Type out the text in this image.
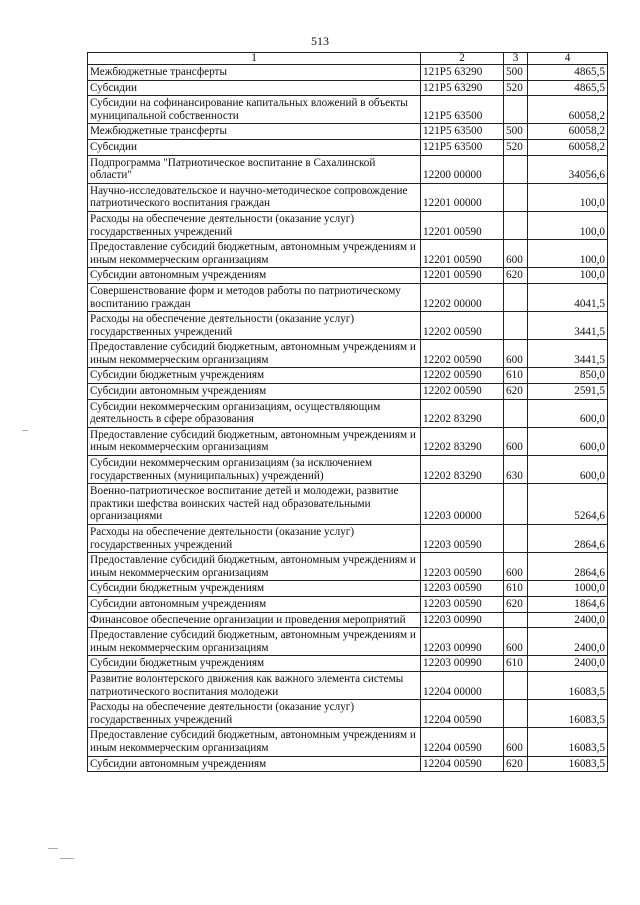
513
1	2	3	4
Межбюджетные трансферты	121P5 63290	500	4865,5
Субсидии	121P5 63290	520	4865,5
Субсидии на софинансирование капитальных вложений в объекты муниципальной собственности	121P5 63500		60058,2
Межбюджетные трансферты	121P5 63500	500	60058,2
Субсидии	121P5 63500	520	60058,2
Подпрограмма "Патриотическое воспитание в Сахалинской области"	12200 00000		34056,6
Научно-исследовательское и научно-методическое сопровождение патриотического воспитания граждан	12201 00000		100,0
Расходы на обеспечение деятельности (оказание услуг) государственных учреждений	12201 00590		100,0
Предоставление субсидий бюджетным, автономным учреждениям и иным некоммерческим организациям	12201 00590	600	100,0
Субсидии автономным учреждениям	12201 00590	620	100,0
Совершенствование форм и методов работы по патриотическому воспитанию граждан	12202 00000		4041,5
Расходы на обеспечение деятельности (оказание услуг) государственных учреждений	12202 00590		3441,5
Предоставление субсидий бюджетным, автономным учреждениям и иным некоммерческим организациям	12202 00590	600	3441,5
Субсидии бюджетным учреждениям	12202 00590	610	850,0
Субсидии автономным учреждениям	12202 00590	620	2591,5
Субсидии некоммерческим организациям, осуществляющим деятельность в сфере образования	12202 83290		600,0
Предоставление субсидий бюджетным, автономным учреждениям и иным некоммерческим организациям	12202 83290	600	600,0
Субсидии некоммерческим организациям (за исключением государственных (муниципальных) учреждений)	12202 83290	630	600,0
Военно-патриотическое воспитание детей и молодежи, развитие практики шефства воинских частей над образовательными организациями	12203 00000		5264,6
Расходы на обеспечение деятельности (оказание услуг) государственных учреждений	12203 00590		2864,6
Предоставление субсидий бюджетным, автономным учреждениям и иным некоммерческим организациям	12203 00590	600	2864,6
Субсидии бюджетным учреждениям	12203 00590	610	1000,0
Субсидии автономным учреждениям	12203 00590	620	1864,6
Финансовое обеспечение организации и проведения мероприятий	12203 00990		2400,0
Предоставление субсидий бюджетным, автономным учреждениям и иным некоммерческим организациям	12203 00990	600	2400,0
Субсидии бюджетным учреждениям	12203 00990	610	2400,0
Развитие волонтерского движения как важного элемента системы патриотического воспитания молодежи	12204 00000		16083,5
Расходы на обеспечение деятельности (оказание услуг) государственных учреждений	12204 00590		16083,5
Предоставление субсидий бюджетным, автономным учреждениям и иным некоммерческим организациям	12204 00590	600	16083,5
Субсидии автономным учреждениям	12204 00590	620	16083,5
